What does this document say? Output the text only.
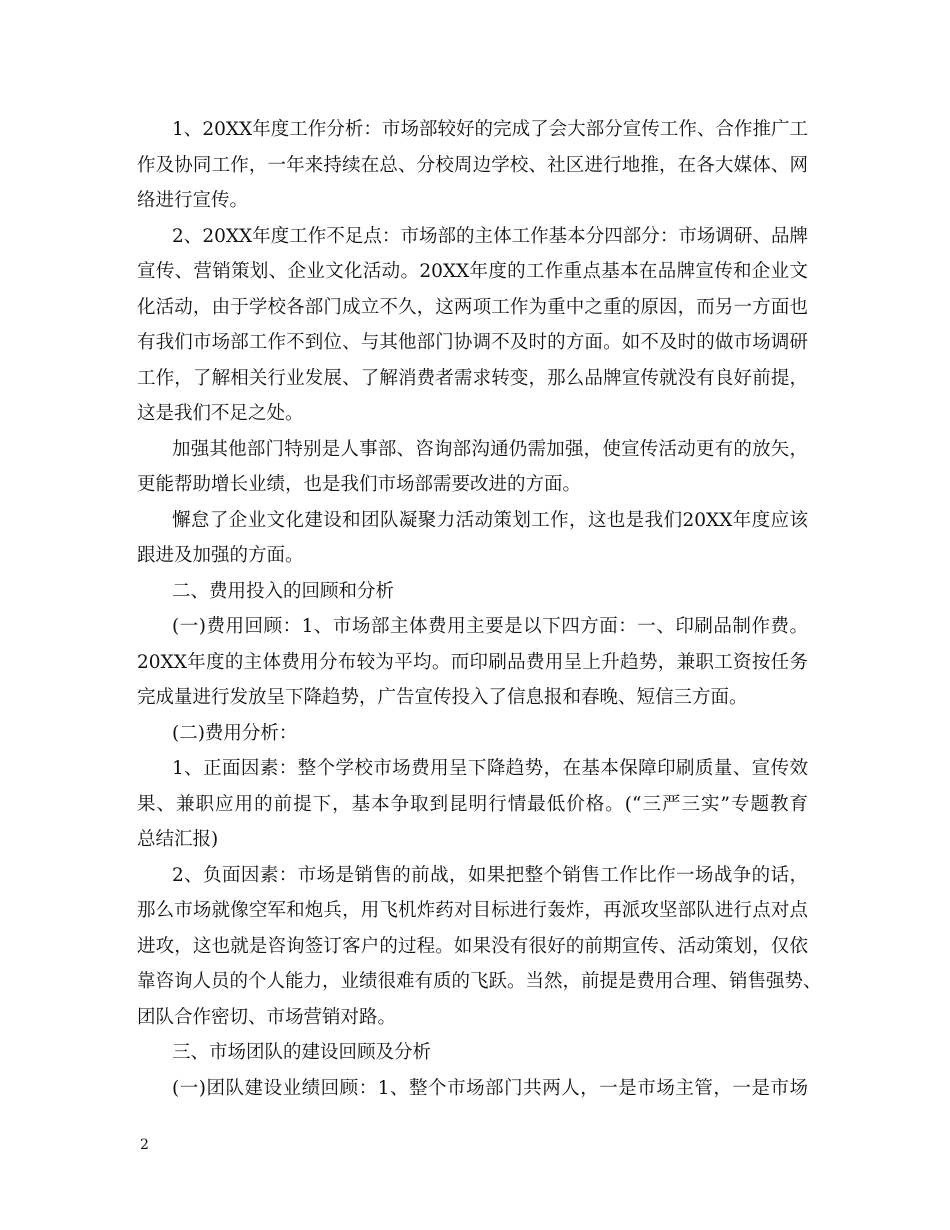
1、20XX年度工作分析：市场部较好的完成了会大部分宣传工作、合作推广工
作及协同工作，一年来持续在总、分校周边学校、社区进行地推，在各大媒体、网
络进行宣传。
2、20XX年度工作不足点：市场部的主体工作基本分四部分：市场调研、品牌
宣传、营销策划、企业文化活动。20XX年度的工作重点基本在品牌宣传和企业文
化活动，由于学校各部门成立不久，这两项工作为重中之重的原因，而另一方面也
有我们市场部工作不到位、与其他部门协调不及时的方面。如不及时的做市场调研
工作，了解相关行业发展、了解消费者需求转变，那么品牌宣传就没有良好前提，
这是我们不足之处。
加强其他部门特别是人事部、咨询部沟通仍需加强，使宣传活动更有的放矢，
更能帮助增长业绩，也是我们市场部需要改进的方面。
懈怠了企业文化建设和团队凝聚力活动策划工作，这也是我们20XX年度应该
跟进及加强的方面。
二、费用投入的回顾和分析
(一)费用回顾：1、市场部主体费用主要是以下四方面：一、印刷品制作费。
20XX年度的主体费用分布较为平均。而印刷品费用呈上升趋势，兼职工资按任务
完成量进行发放呈下降趋势，广告宣传投入了信息报和春晚、短信三方面。
(二)费用分析：
1、正面因素：整个学校市场费用呈下降趋势，在基本保障印刷质量、宣传效
果、兼职应用的前提下，基本争取到昆明行情最低价格。(“三严三实”专题教育
总结汇报)
2、负面因素：市场是销售的前战，如果把整个销售工作比作一场战争的话，
那么市场就像空军和炮兵，用飞机炸药对目标进行轰炸，再派攻坚部队进行点对点
进攻，这也就是咨询签订客户的过程。如果没有很好的前期宣传、活动策划，仅依
靠咨询人员的个人能力，业绩很难有质的飞跃。当然，前提是费用合理、销售强势、
团队合作密切、市场营销对路。
三、市场团队的建设回顾及分析
(一)团队建设业绩回顾：1、整个市场部门共两人，一是市场主管，一是市场
2
